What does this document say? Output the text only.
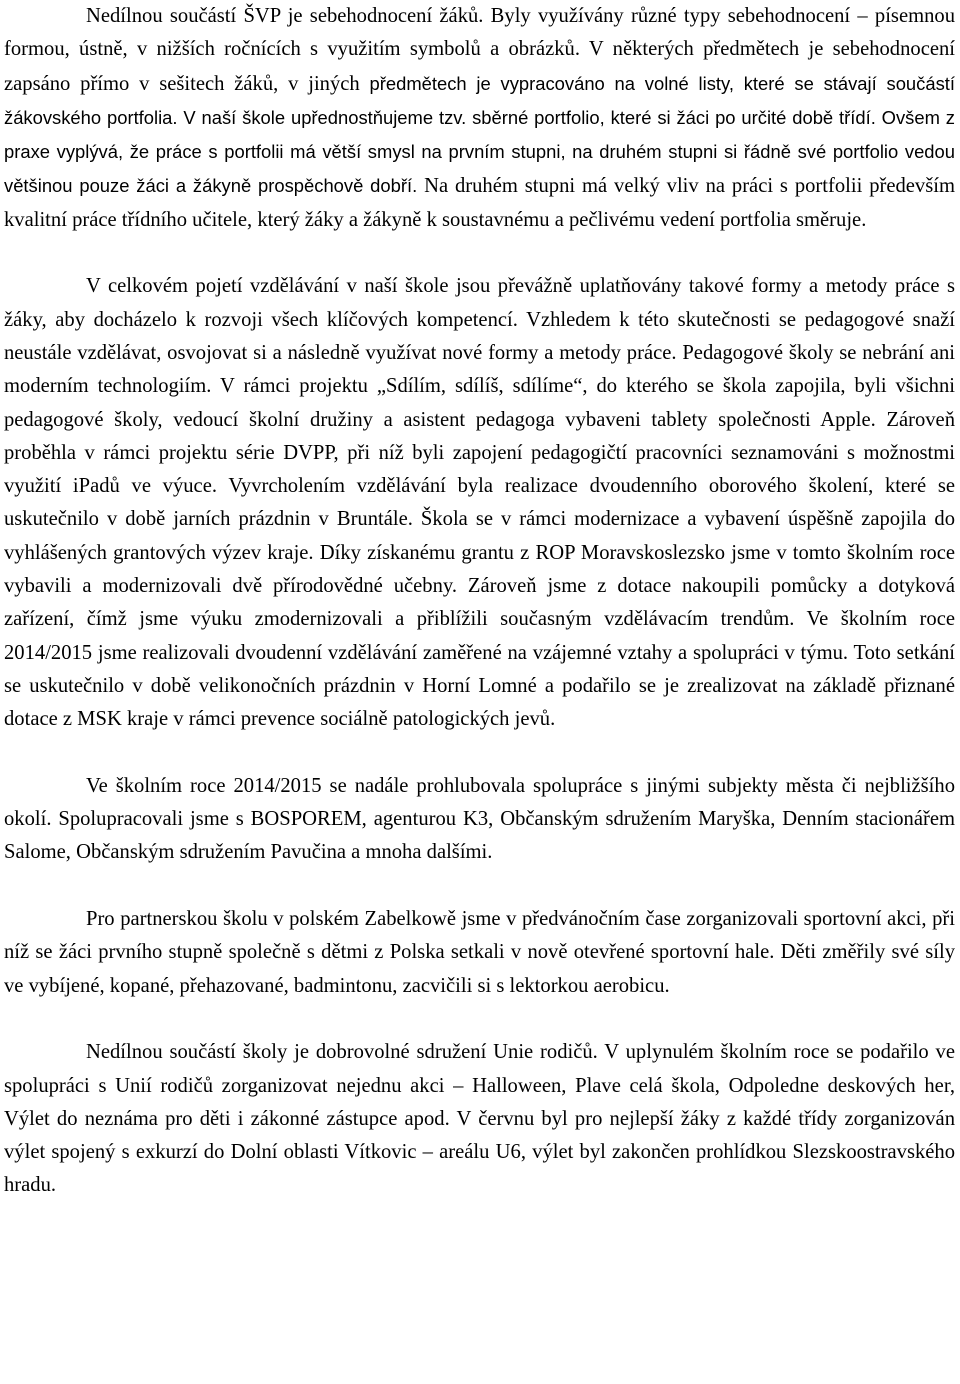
Nedílnou součástí ŠVP je sebehodnocení žáků. Byly využívány různé typy sebehodnocení – písemnou formou, ústně, v nižších ročnících s využitím symbolů a obrázků. V některých předmětech je sebehodnocení zapsáno přímo v sešitech žáků, v jiných předmětech je vypracováno na volné listy, které se stávají součástí žákovského portfolia. V naší škole upřednostňujeme tzv. sběrné portfolio, které si žáci po určité době třídí. Ovšem z praxe vyplývá, že práce s portfolii má větší smysl na prvním stupni, na druhém stupni si řádně své portfolio vedou většinou pouze žáci a žákyně prospěchově dobří. Na druhém stupni má velký vliv na práci s portfolii především kvalitní práce třídního učitele, který žáky a žákyně k soustavnému a pečlivému vedení portfolia směruje.

V celkovém pojetí vzdělávání v naší škole jsou převážně uplatňovány takové formy a metody práce s žáky, aby docházelo k rozvoji všech klíčových kompetencí. Vzhledem k této skutečnosti se pedagogové snaží neustále vzdělávat, osvojovat si a následně využívat nové formy a metody práce. Pedagogové školy se nebrání ani moderním technologiím. V rámci projektu „Sdílím, sdílíš, sdílíme“, do kterého se škola zapojila, byli všichni pedagogové školy, vedoucí školní družiny a asistent pedagoga vybaveni tablety společnosti Apple. Zároveň proběhla v rámci projektu série DVPP, při níž byli zapojení pedagogičtí pracovníci seznamováni s možnostmi využití iPadů ve výuce. Vyvrcholením vzdělávání byla realizace dvoudenního oborového školení, které se uskutečnilo v době jarních prázdnin v Bruntále. Škola se v rámci modernizace a vybavení úspěšně zapojila do vyhlášených grantových výzev kraje. Díky získanému grantu z ROP Moravskoslezsko jsme v tomto školním roce vybavili a modernizovali dvě přírodovědné učebny. Zároveň jsme z dotace nakoupili pomůcky a dotyková zařízení, čímž jsme výuku zmodernizovali a přiblížili současným vzdělávacím trendům. Ve školním roce 2014/2015 jsme realizovali dvoudenní vzdělávání zaměřené na vzájemné vztahy a spolupráci v týmu. Toto setkání se uskutečnilo v době velikonočních prázdnin v Horní Lomné a podařilo se je zrealizovat na základě přiznané dotace z MSK kraje v rámci prevence sociálně patologických jevů.

Ve školním roce 2014/2015 se nadále prohlubovala spolupráce s jinými subjekty města či nejbližšího okolí. Spolupracovali jsme s BOSPOREM, agenturou K3, Občanským sdružením Maryška, Denním stacionářem Salome, Občanským sdružením Pavučina a mnoha dalšími.

Pro partnerskou školu v polském Zabelkowě jsme v předvánočním čase zorganizovali sportovní akci, při níž se žáci prvního stupně společně s dětmi z Polska setkali v nově otevřené sportovní hale. Děti změřily své síly ve vybíjené, kopané, přehazované, badmintonu, zacvičili si s lektorkou aerobicu.

Nedílnou součástí školy je dobrovolné sdružení Unie rodičů. V uplynulém školním roce se podařilo ve spolupráci s Unií rodičů zorganizovat nejednu akci – Halloween, Plave celá škola, Odpoledne deskových her, Výlet do neznáma pro děti i zákonné zástupce apod. V červnu byl pro nejlepší žáky z každé třídy zorganizován výlet spojený s exkurzí do Dolní oblasti Vítkovic – areálu U6, výlet byl zakončen prohlídkou Slezskoostravského hradu.
